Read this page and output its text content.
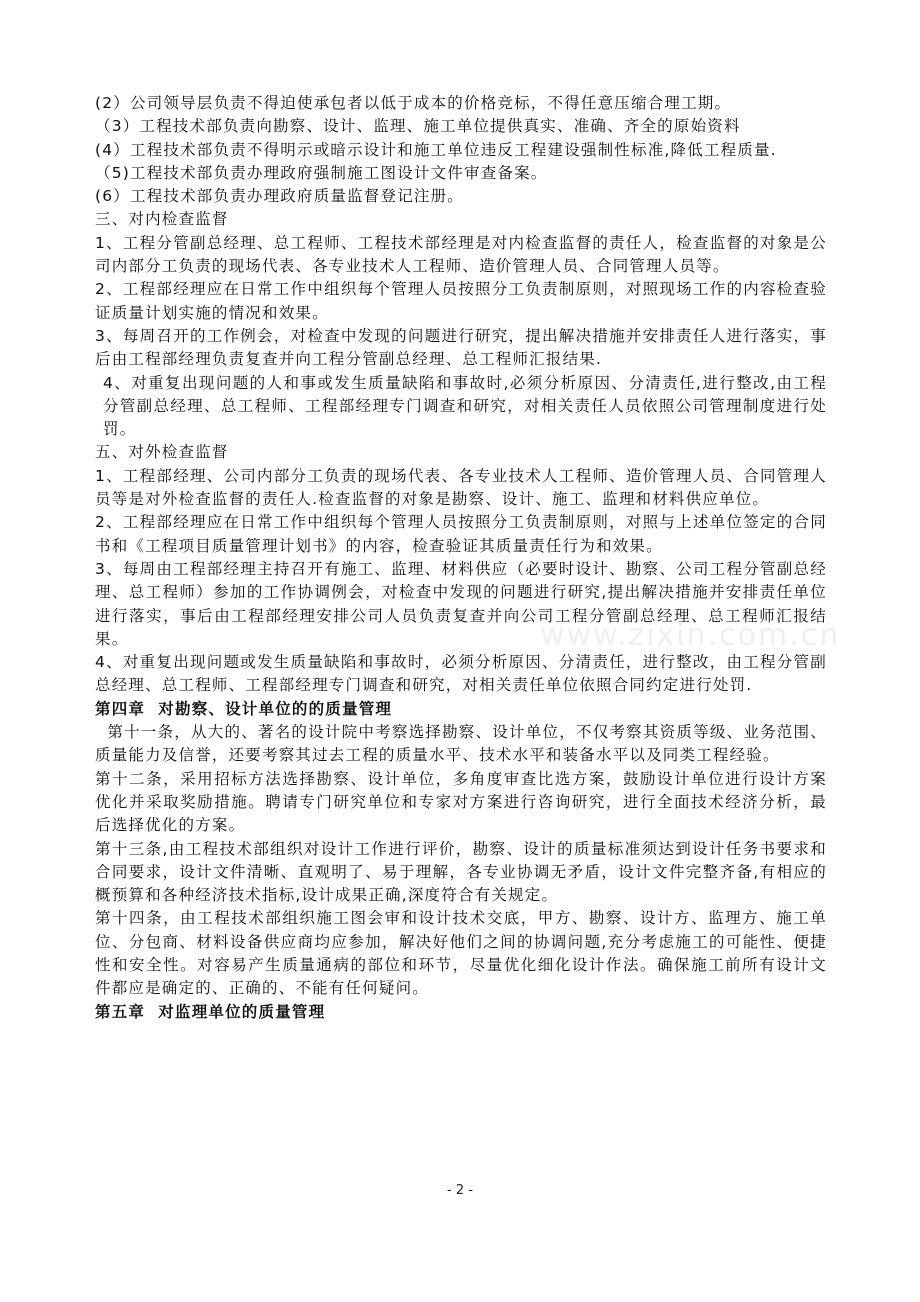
(2）公司领导层负责不得迫使承包者以低于成本的价格竞标，不得任意压缩合理工期。
（3）工程技术部负责向勘察、设计、监理、施工单位提供真实、准确、齐全的原始资料
(4）工程技术部负责不得明示或暗示设计和施工单位违反工程建设强制性标准,降低工程质量.
（5)工程技术部负责办理政府强制施工图设计文件审查备案。
(6）工程技术部负责办理政府质量监督登记注册。
三、对内检查监督
1、工程分管副总经理、总工程师、工程技术部经理是对内检查监督的责任人，检查监督的对象是公司内部分工负责的现场代表、各专业技术人工程师、造价管理人员、合同管理人员等。
2、工程部经理应在日常工作中组织每个管理人员按照分工负责制原则，对照现场工作的内容检查验证质量计划实施的情况和效果。
3、每周召开的工作例会，对检查中发现的问题进行研究，提出解决措施并安排责任人进行落实，事后由工程部经理负责复查并向工程分管副总经理、总工程师汇报结果.
4、对重复出现问题的人和事或发生质量缺陷和事故时,必须分析原因、分清责任,进行整改,由工程分管副总经理、总工程师、工程部经理专门调查和研究，对相关责任人员依照公司管理制度进行处罚。
五、对外检查监督
1、工程部经理、公司内部分工负责的现场代表、各专业技术人工程师、造价管理人员、合同管理人员等是对外检查监督的责任人.检查监督的对象是勘察、设计、施工、监理和材料供应单位。
2、工程部经理应在日常工作中组织每个管理人员按照分工负责制原则，对照与上述单位签定的合同书和《工程项目质量管理计划书》的内容，检查验证其质量责任行为和效果。
3、每周由工程部经理主持召开有施工、监理、材料供应（必要时设计、勘察、公司工程分管副总经理、总工程师）参加的工作协调例会，对检查中发现的问题进行研究,提出解决措施并安排责任单位进行落实，事后由工程部经理安排公司人员负责复查并向公司工程分管副总经理、总工程师汇报结果。
4、对重复出现问题或发生质量缺陷和事故时，必须分析原因、分清责任，进行整改，由工程分管副总经理、总工程师、工程部经理专门调查和研究，对相关责任单位依照合同约定进行处罚.
第四章  对勘察、设计单位的的质量管理
第十一条，从大的、著名的设计院中考察选择勘察、设计单位，不仅考察其资质等级、业务范围、质量能力及信誉，还要考察其过去工程的质量水平、技术水平和装备水平以及同类工程经验。
第十二条，采用招标方法选择勘察、设计单位，多角度审查比选方案，鼓励设计单位进行设计方案优化并采取奖励措施。聘请专门研究单位和专家对方案进行咨询研究，进行全面技术经济分析，最后选择优化的方案。
第十三条,由工程技术部组织对设计工作进行评价，勘察、设计的质量标准须达到设计任务书要求和合同要求，设计文件清晰、直观明了、易于理解，各专业协调无矛盾，设计文件完整齐备,有相应的概预算和各种经济技术指标,设计成果正确,深度符合有关规定。
第十四条，由工程技术部组织施工图会审和设计技术交底，甲方、勘察、设计方、监理方、施工单位、分包商、材料设备供应商均应参加，解决好他们之间的协调问题,充分考虑施工的可能性、便捷性和安全性。对容易产生质量通病的部位和环节，尽量优化细化设计作法。确保施工前所有设计文件都应是确定的、正确的、不能有任何疑问。
第五章  对监理单位的质量管理
www.zixin.com.cn
- 2 -
